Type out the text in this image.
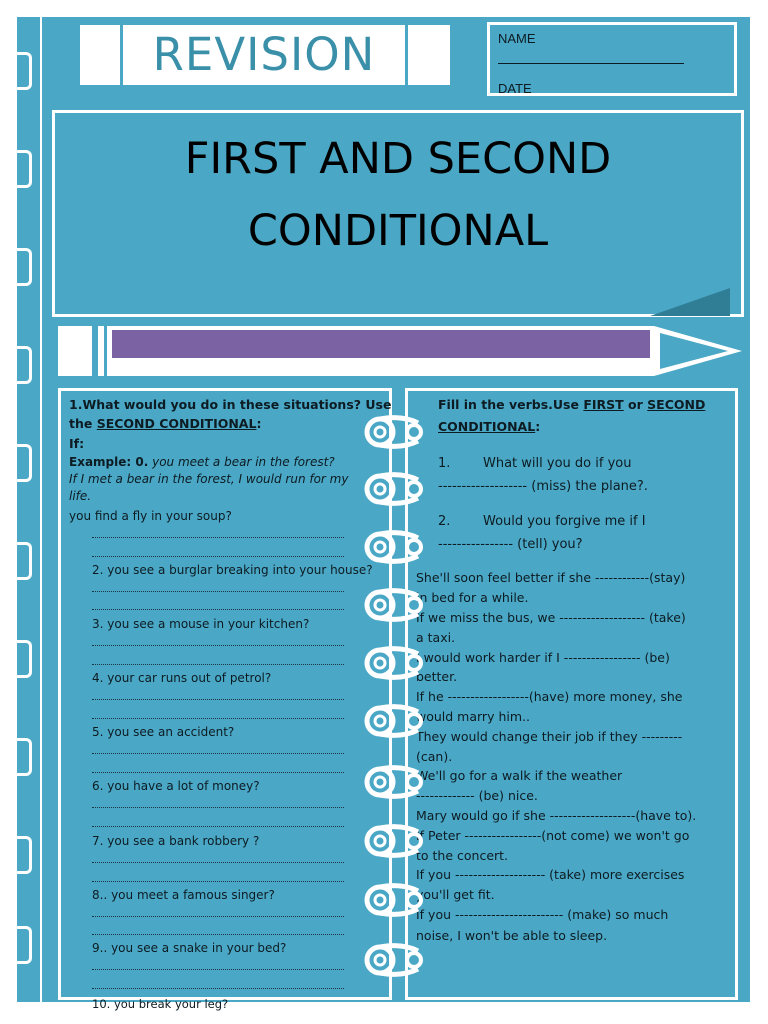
REVISION	NAME
DATE
FIRST AND SECOND
CONDITIONAL
1.What would you do in these situations? Use
the SECOND CONDITIONAL:
If:
Example: 0. you meet a bear in the forest?
If I met a bear in the forest, I would run for my
life.
you find a fly in your soup?
2. you see a burglar breaking into your house?
3. you see a mouse in your kitchen?
4. your car runs out of petrol?
5. you see an accident?
6. you have a lot of money?
7. you see a bank robbery ?
8.. you meet a famous singer?
9.. you see a snake in your bed?
10. you break your leg?
Fill in the verbs.Use FIRST or SECOND
CONDITIONAL:
1.	What will you do if you
------------------- (miss) the plane?.
2.	Would you forgive me if I
---------------- (tell) you?
She'll soon feel better if she ------------(stay)
in bed for a while.
If we miss the bus, we ------------------- (take)
a taxi.
I would work harder if I ----------------- (be)
better.
If he ------------------(have) more money, she
would marry him..
They would change their job if they ---------
(can).
We'll go for a walk if the weather
------------- (be) nice.
Mary would go if she -------------------(have to).
If Peter -----------------(not come) we won't go
to the concert.
If you -------------------- (take) more exercises
you'll get fit.
If you ------------------------ (make) so much
noise, I won't be able to sleep.
